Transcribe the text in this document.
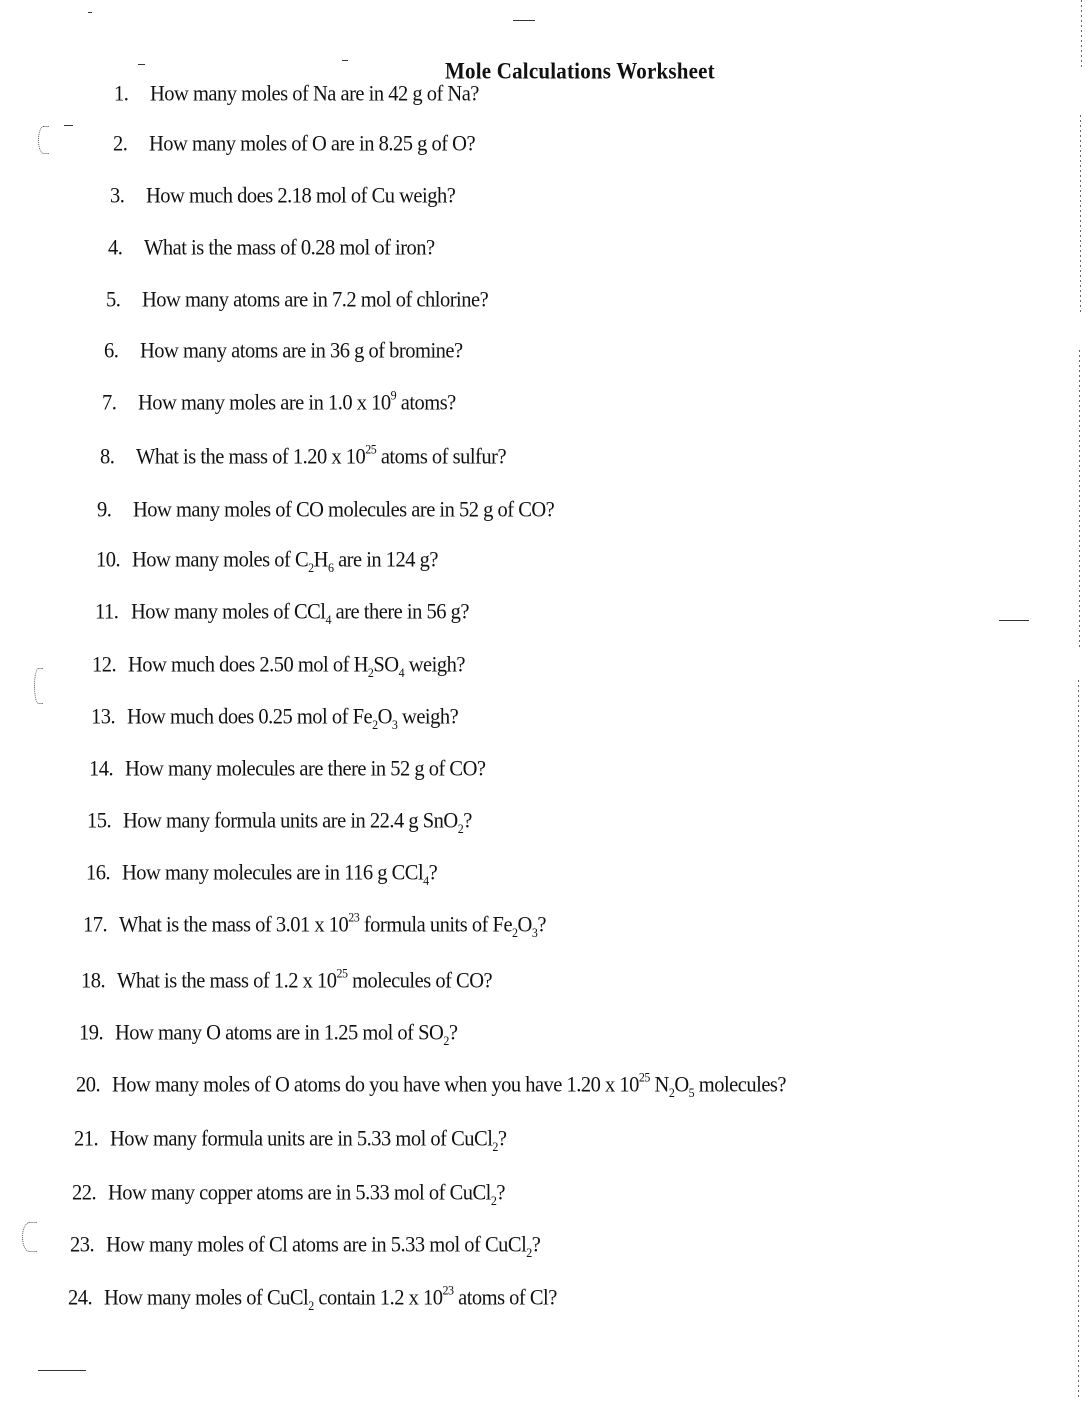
Mole Calculations Worksheet
1. How many moles of Na are in 42 g of Na?
2. How many moles of O are in 8.25 g of O?
3. How much does 2.18 mol of Cu weigh?
4. What is the mass of 0.28 mol of iron?
5. How many atoms are in 7.2 mol of chlorine?
6. How many atoms are in 36 g of bromine?
7. How many moles are in 1.0 x $10^9$ atoms?
8. What is the mass of 1.20 x $10^{25}$ atoms of sulfur?
9. How many moles of CO molecules are in 52 g of CO?
10. How many moles of $C_2H_6$ are in 124 g?
11. How many moles of CCl$_4$ are there in 56 g?
12. How much does 2.50 mol of $H_2SO_4$ weigh?
13. How much does 0.25 mol of $Fe_2O_3$ weigh?
14. How many molecules are there in 52 g of CO?
15. How many formula units are in 22.4 g SnO$_2$?
16. How many molecules are in 116 g CCl$_4$?
17. What is the mass of 3.01 x $10^{23}$ formula units of $Fe_2O_3$?
18. What is the mass of 1.2 x $10^{25}$ molecules of CO?
19. How many O atoms are in 1.25 mol of $SO_2$?
20. How many moles of O atoms do you have when you have 1.20 x $10^{25}$ $N_2O_5$ molecules?
21. How many formula units are in 5.33 mol of CuCl$_2$?
22. How many copper atoms are in 5.33 mol of CuCl$_2$?
23. How many moles of Cl atoms are in 5.33 mol of CuCl$_2$?
24. How many moles of CuCl$_2$ contain 1.2 x $10^{23}$ atoms of Cl?
